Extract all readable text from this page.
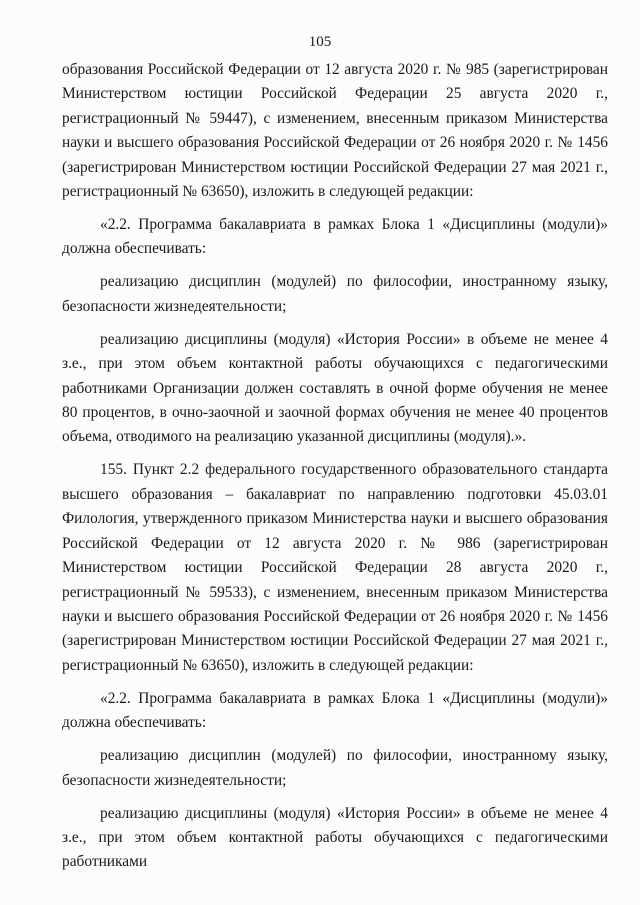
105

образования Российской Федерации от 12 августа 2020 г. № 985 (зарегистрирован Министерством юстиции Российской Федерации 25 августа 2020 г., регистрационный № 59447), с изменением, внесенным приказом Министерства науки и высшего образования Российской Федерации от 26 ноября 2020 г. № 1456 (зарегистрирован Министерством юстиции Российской Федерации 27 мая 2021 г., регистрационный № 63650), изложить в следующей редакции:

«2.2. Программа бакалавриата в рамках Блока 1 «Дисциплины (модули)» должна обеспечивать:

реализацию дисциплин (модулей) по философии, иностранному языку, безопасности жизнедеятельности;

реализацию дисциплины (модуля) «История России» в объеме не менее 4 з.е., при этом объем контактной работы обучающихся с педагогическими работниками Организации должен составлять в очной форме обучения не менее 80 процентов, в очно-заочной и заочной формах обучения не менее 40 процентов объема, отводимого на реализацию указанной дисциплины (модуля).».

155. Пункт 2.2 федерального государственного образовательного стандарта высшего образования – бакалавриат по направлению подготовки 45.03.01 Филология, утвержденного приказом Министерства науки и высшего образования Российской Федерации от 12 августа 2020 г. № 986 (зарегистрирован Министерством юстиции Российской Федерации 28 августа 2020 г., регистрационный № 59533), с изменением, внесенным приказом Министерства науки и высшего образования Российской Федерации от 26 ноября 2020 г. № 1456 (зарегистрирован Министерством юстиции Российской Федерации 27 мая 2021 г., регистрационный № 63650), изложить в следующей редакции:

«2.2. Программа бакалавриата в рамках Блока 1 «Дисциплины (модули)» должна обеспечивать:

реализацию дисциплин (модулей) по философии, иностранному языку, безопасности жизнедеятельности;

реализацию дисциплины (модуля) «История России» в объеме не менее 4 з.е., при этом объем контактной работы обучающихся с педагогическими работниками
